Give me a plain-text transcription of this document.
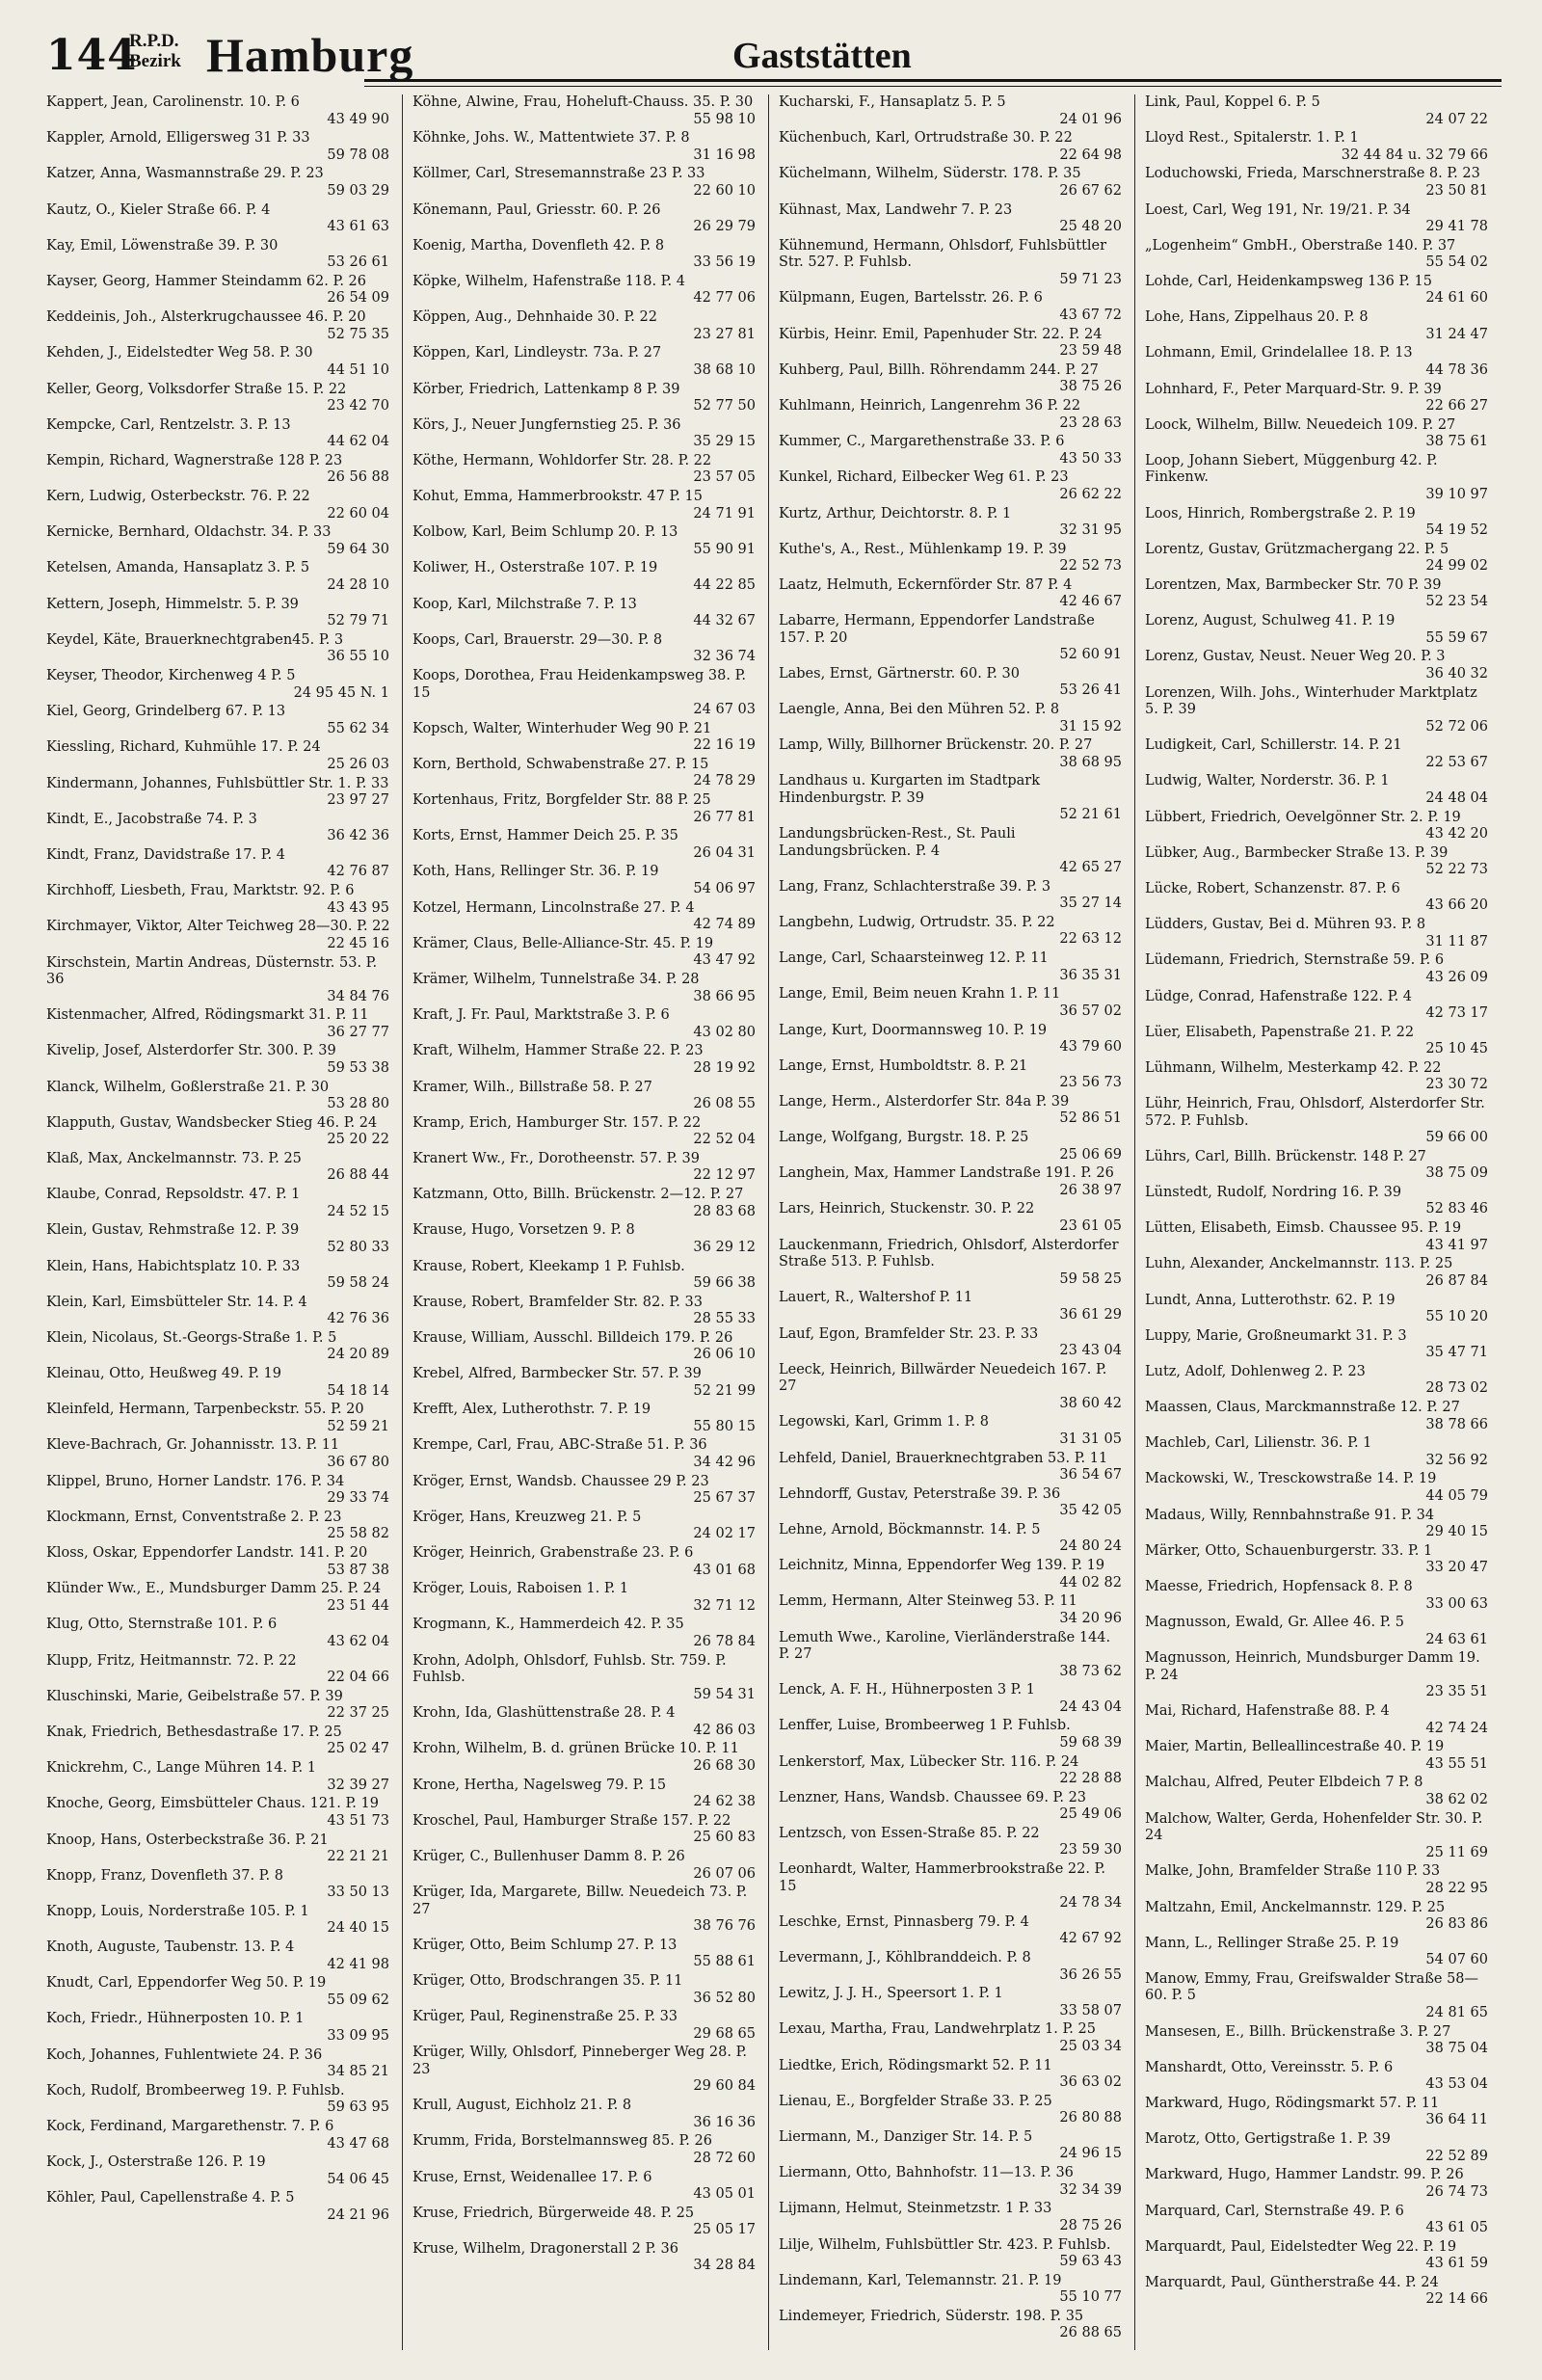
144
R.P.D.
Bezirk Hamburg	Gaststätten
Kappert, Jean, Carolinenstr. 10. P. 6
43 49 90
Kappler, Arnold, Elligersweg 31 P. 33
59 78 08
Katzer, Anna, Wasmannstraße 29. P. 23
59 03 29
Kautz, O., Kieler Straße 66. P. 4
43 61 63
Kay, Emil, Löwenstraße 39. P. 30
53 26 61
Kayser, Georg, Hammer Steindamm 62. P. 26
26 54 09
Keddeinis, Joh., Alsterkrugchaussee 46. P. 20
52 75 35
Kehden, J., Eidelstedter Weg 58. P. 30
44 51 10
Keller, Georg, Volksdorfer Straße 15. P. 22
23 42 70
Kempcke, Carl, Rentzelstr. 3. P. 13
44 62 04
Kempin, Richard, Wagnerstraße 128 P. 23
26 56 88
Kern, Ludwig, Osterbeckstr. 76. P. 22
22 60 04
Kernicke, Bernhard, Oldachstr. 34. P. 33
59 64 30
Ketelsen, Amanda, Hansaplatz 3. P. 5
24 28 10
Kettern, Joseph, Himmelstr. 5. P. 39
52 79 71
Keydel, Käte, Brauerknechtgraben45. P. 3
36 55 10
Keyser, Theodor, Kirchenweg 4 P. 5
24 95 45 N. 1
Kiel, Georg, Grindelberg 67. P. 13
55 62 34
Kiessling, Richard, Kuhmühle 17. P. 24
25 26 03
Kindermann, Johannes, Fuhlsbüttler Str. 1. P. 33
23 97 27
Kindt, E., Jacobstraße 74. P. 3
36 42 36
Kindt, Franz, Davidstraße 17. P. 4
42 76 87
Kirchhoff, Liesbeth, Frau, Marktstr. 92. P. 6
43 43 95
Kirchmayer, Viktor, Alter Teichweg 28—30. P. 22
22 45 16
Kirschstein, Martin Andreas, Düsternstr. 53. P. 36
34 84 76
Kistenmacher, Alfred, Rödingsmarkt 31. P. 11
36 27 77
Kivelip, Josef, Alsterdorfer Str. 300. P. 39
59 53 38
Klanck, Wilhelm, Goßlerstraße 21. P. 30
53 28 80
Klapputh, Gustav, Wandsbecker Stieg 46. P. 24
25 20 22
Klaß, Max, Anckelmannstr. 73. P. 25
26 88 44
Klaube, Conrad, Repsoldstr. 47. P. 1
24 52 15
Klein, Gustav, Rehmstraße 12. P. 39
52 80 33
Klein, Hans, Habichtsplatz 10. P. 33
59 58 24
Klein, Karl, Eimsbütteler Str. 14. P. 4
42 76 36
Klein, Nicolaus, St.-Georgs-Straße 1. P. 5
24 20 89
Kleinau, Otto, Heußweg 49. P. 19
54 18 14
Kleinfeld, Hermann, Tarpenbeckstr. 55. P. 20
52 59 21
Kleve-Bachrach, Gr. Johannisstr. 13. P. 11
36 67 80
Klippel, Bruno, Horner Landstr. 176. P. 34
29 33 74
Klockmann, Ernst, Conventstraße 2. P. 23
25 58 82
Kloss, Oskar, Eppendorfer Landstr. 141. P. 20
53 87 38
Klünder Ww., E., Mundsburger Damm 25. P. 24
23 51 44
Klug, Otto, Sternstraße 101. P. 6
43 62 04
Klupp, Fritz, Heitmannstr. 72. P. 22
22 04 66
Kluschinski, Marie, Geibelstraße 57. P. 39
22 37 25
Knak, Friedrich, Bethesdastraße 17. P. 25
25 02 47
Knickrehm, C., Lange Mühren 14. P. 1
32 39 27
Knoche, Georg, Eimsbütteler Chaus. 121. P. 19
43 51 73
Knoop, Hans, Osterbeckstraße 36. P. 21
22 21 21
Knopp, Franz, Dovenfleth 37. P. 8
33 50 13
Knopp, Louis, Norderstraße 105. P. 1
24 40 15
Knoth, Auguste, Taubenstr. 13. P. 4
42 41 98
Knudt, Carl, Eppendorfer Weg 50. P. 19
55 09 62
Koch, Friedr., Hühnerposten 10. P. 1
33 09 95
Koch, Johannes, Fuhlentwiete 24. P. 36
34 85 21
Koch, Rudolf, Brombeerweg 19. P. Fuhlsb.
59 63 95
Kock, Ferdinand, Margarethenstr. 7. P. 6
43 47 68
Kock, J., Osterstraße 126. P. 19
54 06 45
Köhler, Paul, Capellenstraße 4. P. 5
24 21 96
Köhne, Alwine, Frau, Hoheluft-Chauss. 35. P. 30
55 98 10
Köhnke, Johs. W., Mattentwiete 37. P. 8
31 16 98
Köllmer, Carl, Stresemannstraße 23 P. 33
22 60 10
Könemann, Paul, Griesstr. 60. P. 26
26 29 79
Koenig, Martha, Dovenfleth 42. P. 8
33 56 19
Köpke, Wilhelm, Hafenstraße 118. P. 4
42 77 06
Köppen, Aug., Dehnhaide 30. P. 22
23 27 81
Köppen, Karl, Lindleystr. 73a. P. 27
38 68 10
Körber, Friedrich, Lattenkamp 8 P. 39
52 77 50
Körs, J., Neuer Jungfernstieg 25. P. 36
35 29 15
Köthe, Hermann, Wohldorfer Str. 28. P. 22
23 57 05
Kohut, Emma, Hammerbrookstr. 47 P. 15
24 71 91
Kolbow, Karl, Beim Schlump 20. P. 13
55 90 91
Koliwer, H., Osterstraße 107. P. 19
44 22 85
Koop, Karl, Milchstraße 7. P. 13
44 32 67
Koops, Carl, Brauerstr. 29—30. P. 8
32 36 74
Koops, Dorothea, Frau Heidenkampsweg 38. P. 15
24 67 03
Kopsch, Walter, Winterhuder Weg 90 P. 21
22 16 19
Korn, Berthold, Schwabenstraße 27. P. 15
24 78 29
Kortenhaus, Fritz, Borgfelder Str. 88 P. 25
26 77 81
Korts, Ernst, Hammer Deich 25. P. 35
26 04 31
Koth, Hans, Rellinger Str. 36. P. 19
54 06 97
Kotzel, Hermann, Lincolnstraße 27. P. 4
42 74 89
Krämer, Claus, Belle-Alliance-Str. 45. P. 19
43 47 92
Krämer, Wilhelm, Tunnelstraße 34. P. 28
38 66 95
Kraft, J. Fr. Paul, Marktstraße 3. P. 6
43 02 80
Kraft, Wilhelm, Hammer Straße 22. P. 23
28 19 92
Kramer, Wilh., Billstraße 58. P. 27
26 08 55
Kramp, Erich, Hamburger Str. 157. P. 22
22 52 04
Kranert Ww., Fr., Dorotheenstr. 57. P. 39
22 12 97
Katzmann, Otto, Billh. Brückenstr. 2—12. P. 27
28 83 68
Krause, Hugo, Vorsetzen 9. P. 8
36 29 12
Krause, Robert, Kleekamp 1 P. Fuhlsb.
59 66 38
Krause, Robert, Bramfelder Str. 82. P. 33
28 55 33
Krause, William, Ausschl. Billdeich 179. P. 26
26 06 10
Krebel, Alfred, Barmbecker Str. 57. P. 39
52 21 99
Krefft, Alex, Lutherothstr. 7. P. 19
55 80 15
Krempe, Carl, Frau, ABC-Straße 51. P. 36
34 42 96
Kröger, Ernst, Wandsb. Chaussee 29 P. 23
25 67 37
Kröger, Hans, Kreuzweg 21. P. 5
24 02 17
Kröger, Heinrich, Grabenstraße 23. P. 6
43 01 68
Kröger, Louis, Raboisen 1. P. 1
32 71 12
Krogmann, K., Hammerdeich 42. P. 35
26 78 84
Krohn, Adolph, Ohlsdorf, Fuhlsb. Str. 759. P. Fuhlsb.
59 54 31
Krohn, Ida, Glashüttenstraße 28. P. 4
42 86 03
Krohn, Wilhelm, B. d. grünen Brücke 10. P. 11
26 68 30
Krone, Hertha, Nagelsweg 79. P. 15
24 62 38
Kroschel, Paul, Hamburger Straße 157. P. 22
25 60 83
Krüger, C., Bullenhuser Damm 8. P. 26
26 07 06
Krüger, Ida, Margarete, Billw. Neuedeich 73. P. 27
38 76 76
Krüger, Otto, Beim Schlump 27. P. 13
55 88 61
Krüger, Otto, Brodschrangen 35. P. 11
36 52 80
Krüger, Paul, Reginenstraße 25. P. 33
29 68 65
Krüger, Willy, Ohlsdorf, Pinneberger Weg 28. P. 23
29 60 84
Krull, August, Eichholz 21. P. 8
36 16 36
Krumm, Frida, Borstelmannsweg 85. P. 26
28 72 60
Kruse, Ernst, Weidenallee 17. P. 6
43 05 01
Kruse, Friedrich, Bürgerweide 48. P. 25
25 05 17
Kruse, Wilhelm, Dragonerstall 2 P. 36
34 28 84
Kucharski, F., Hansaplatz 5. P. 5
24 01 96
Küchenbuch, Karl, Ortrudstraße 30. P. 22
22 64 98
Küchelmann, Wilhelm, Süderstr. 178. P. 35
26 67 62
Kühnast, Max, Landwehr 7. P. 23
25 48 20
Kühnemund, Hermann, Ohlsdorf, Fuhlsbüttler Str. 527. P. Fuhlsb.
59 71 23
Külpmann, Eugen, Bartelsstr. 26. P. 6
43 67 72
Kürbis, Heinr. Emil, Papenhuder Str. 22. P. 24
23 59 48
Kuhberg, Paul, Billh. Röhrendamm 244. P. 27
38 75 26
Kuhlmann, Heinrich, Langenrehm 36 P. 22
23 28 63
Kummer, C., Margarethenstraße 33. P. 6
43 50 33
Kunkel, Richard, Eilbecker Weg 61. P. 23
26 62 22
Kurtz, Arthur, Deichtorstr. 8. P. 1
32 31 95
Kuthe's, A., Rest., Mühlenkamp 19. P. 39
22 52 73
Laatz, Helmuth, Eckernförder Str. 87 P. 4
42 46 67
Labarre, Hermann, Eppendorfer Landstraße 157. P. 20
52 60 91
Labes, Ernst, Gärtnerstr. 60. P. 30
53 26 41
Laengle, Anna, Bei den Mühren 52. P. 8
31 15 92
Lamp, Willy, Billhorner Brückenstr. 20. P. 27
38 68 95
Landhaus u. Kurgarten im Stadtpark Hindenburgstr. P. 39
52 21 61
Landungsbrücken-Rest., St. Pauli Landungsbrücken. P. 4
42 65 27
Lang, Franz, Schlachterstraße 39. P. 3
35 27 14
Langbehn, Ludwig, Ortrudstr. 35. P. 22
22 63 12
Lange, Carl, Schaarsteinweg 12. P. 11
36 35 31
Lange, Emil, Beim neuen Krahn 1. P. 11
36 57 02
Lange, Kurt, Doormannsweg 10. P. 19
43 79 60
Lange, Ernst, Humboldtstr. 8. P. 21
23 56 73
Lange, Herm., Alsterdorfer Str. 84a P. 39
52 86 51
Lange, Wolfgang, Burgstr. 18. P. 25
25 06 69
Langhein, Max, Hammer Landstraße 191. P. 26
26 38 97
Lars, Heinrich, Stuckenstr. 30. P. 22
23 61 05
Lauckenmann, Friedrich, Ohlsdorf, Alsterdorfer Straße 513. P. Fuhlsb.
59 58 25
Lauert, R., Waltershof P. 11
36 61 29
Lauf, Egon, Bramfelder Str. 23. P. 33
23 43 04
Leeck, Heinrich, Billwärder Neuedeich 167. P. 27
38 60 42
Legowski, Karl, Grimm 1. P. 8
31 31 05
Lehfeld, Daniel, Brauerknechtgraben 53. P. 11
36 54 67
Lehndorff, Gustav, Peterstraße 39. P. 36
35 42 05
Lehne, Arnold, Böckmannstr. 14. P. 5
24 80 24
Leichnitz, Minna, Eppendorfer Weg 139. P. 19
44 02 82
Lemm, Hermann, Alter Steinweg 53. P. 11
34 20 96
Lemuth Wwe., Karoline, Vierländerstraße 144. P. 27
38 73 62
Lenck, A. F. H., Hühnerposten 3 P. 1
24 43 04
Lenffer, Luise, Brombeerweg 1 P. Fuhlsb.
59 68 39
Lenkerstorf, Max, Lübecker Str. 116. P. 24
22 28 88
Lenzner, Hans, Wandsb. Chaussee 69. P. 23
25 49 06
Lentzsch, von Essen-Straße 85. P. 22
23 59 30
Leonhardt, Walter, Hammerbrookstraße 22. P. 15
24 78 34
Leschke, Ernst, Pinnasberg 79. P. 4
42 67 92
Levermann, J., Köhlbranddeich. P. 8
36 26 55
Lewitz, J. J. H., Speersort 1. P. 1
33 58 07
Lexau, Martha, Frau, Landwehrplatz 1. P. 25
25 03 34
Liedtke, Erich, Rödingsmarkt 52. P. 11
36 63 02
Lienau, E., Borgfelder Straße 33. P. 25
26 80 88
Liermann, M., Danziger Str. 14. P. 5
24 96 15
Liermann, Otto, Bahnhofstr. 11—13. P. 36
32 34 39
Lijmann, Helmut, Steinmetzstr. 1 P. 33
28 75 26
Lilje, Wilhelm, Fuhlsbüttler Str. 423. P. Fuhlsb.
59 63 43
Lindemann, Karl, Telemannstr. 21. P. 19
55 10 77
Lindemeyer, Friedrich, Süderstr. 198. P. 35
26 88 65
Link, Paul, Koppel 6. P. 5
24 07 22
Lloyd Rest., Spitalerstr. 1. P. 1
32 44 84 u. 32 79 66
Loduchowski, Frieda, Marschnerstraße 8. P. 23
23 50 81
Loest, Carl, Weg 191, Nr. 19/21. P. 34
29 41 78
„Logenheim“ GmbH., Oberstraße 140. P. 37
55 54 02
Lohde, Carl, Heidenkampsweg 136 P. 15
24 61 60
Lohe, Hans, Zippelhaus 20. P. 8
31 24 47
Lohmann, Emil, Grindelallee 18. P. 13
44 78 36
Lohnhard, F., Peter Marquard-Str. 9. P. 39
22 66 27
Loock, Wilhelm, Billw. Neuedeich 109. P. 27
38 75 61
Loop, Johann Siebert, Müggenburg 42. P. Finkenw.
39 10 97
Loos, Hinrich, Rombergstraße 2. P. 19
54 19 52
Lorentz, Gustav, Grützmachergang 22. P. 5
24 99 02
Lorentzen, Max, Barmbecker Str. 70 P. 39
52 23 54
Lorenz, August, Schulweg 41. P. 19
55 59 67
Lorenz, Gustav, Neust. Neuer Weg 20. P. 3
36 40 32
Lorenzen, Wilh. Johs., Winterhuder Marktplatz 5. P. 39
52 72 06
Ludigkeit, Carl, Schillerstr. 14. P. 21
22 53 67
Ludwig, Walter, Norderstr. 36. P. 1
24 48 04
Lübbert, Friedrich, Oevelgönner Str. 2. P. 19
43 42 20
Lübker, Aug., Barmbecker Straße 13. P. 39
52 22 73
Lücke, Robert, Schanzenstr. 87. P. 6
43 66 20
Lüdders, Gustav, Bei d. Mühren 93. P. 8
31 11 87
Lüdemann, Friedrich, Sternstraße 59. P. 6
43 26 09
Lüdge, Conrad, Hafenstraße 122. P. 4
42 73 17
Lüer, Elisabeth, Papenstraße 21. P. 22
25 10 45
Lühmann, Wilhelm, Mesterkamp 42. P. 22
23 30 72
Lühr, Heinrich, Frau, Ohlsdorf, Alsterdorfer Str. 572. P. Fuhlsb.
59 66 00
Lührs, Carl, Billh. Brückenstr. 148 P. 27
38 75 09
Lünstedt, Rudolf, Nordring 16. P. 39
52 83 46
Lütten, Elisabeth, Eimsb. Chaussee 95. P. 19
43 41 97
Luhn, Alexander, Anckelmannstr. 113. P. 25
26 87 84
Lundt, Anna, Lutterothstr. 62. P. 19
55 10 20
Luppy, Marie, Großneumarkt 31. P. 3
35 47 71
Lutz, Adolf, Dohlenweg 2. P. 23
28 73 02
Maassen, Claus, Marckmannstraße 12. P. 27
38 78 66
Machleb, Carl, Lilienstr. 36. P. 1
32 56 92
Mackowski, W., Tresckowstraße 14. P. 19
44 05 79
Madaus, Willy, Rennbahnstraße 91. P. 34
29 40 15
Märker, Otto, Schauenburgerstr. 33. P. 1
33 20 47
Maesse, Friedrich, Hopfensack 8. P. 8
33 00 63
Magnusson, Ewald, Gr. Allee 46. P. 5
24 63 61
Magnusson, Heinrich, Mundsburger Damm 19. P. 24
23 35 51
Mai, Richard, Hafenstraße 88. P. 4
42 74 24
Maier, Martin, Belleallincestraße 40. P. 19
43 55 51
Malchau, Alfred, Peuter Elbdeich 7 P. 8
38 62 02
Malchow, Walter, Gerda, Hohenfelder Str. 30. P. 24
25 11 69
Malke, John, Bramfelder Straße 110 P. 33
28 22 95
Maltzahn, Emil, Anckelmannstr. 129. P. 25
26 83 86
Mann, L., Rellinger Straße 25. P. 19
54 07 60
Manow, Emmy, Frau, Greifswalder Straße 58—60. P. 5
24 81 65
Mansesen, E., Billh. Brückenstraße 3. P. 27
38 75 04
Manshardt, Otto, Vereinsstr. 5. P. 6
43 53 04
Markward, Hugo, Rödingsmarkt 57. P. 11
36 64 11
Marotz, Otto, Gertigstraße 1. P. 39
22 52 89
Markward, Hugo, Hammer Landstr. 99. P. 26
26 74 73
Marquard, Carl, Sternstraße 49. P. 6
43 61 05
Marquardt, Paul, Eidelstedter Weg 22. P. 19
43 61 59
Marquardt, Paul, Güntherstraße 44. P. 24
22 14 66
